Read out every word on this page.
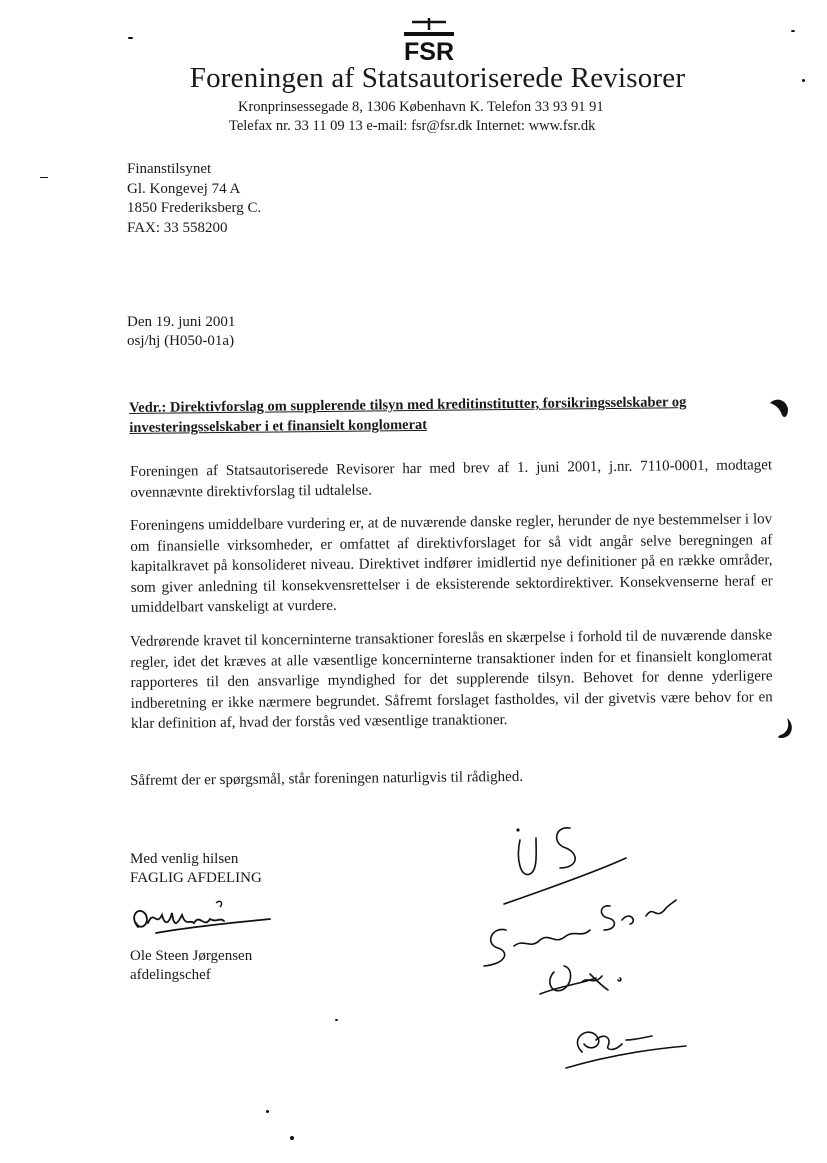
FSR
Foreningen af Statsautoriserede Revisorer
Kronprinsessegade 8, 1306 København K. Telefon 33 93 91 91
Telefax nr. 33 11 09 13 e-mail: fsr@fsr.dk Internet: www.fsr.dk
Finanstilsynet
Gl. Kongevej 74 A
1850 Frederiksberg C.
FAX: 33 558200
Den 19. juni 2001
osj/hj (H050-01a)
Vedr.: Direktivforslag om supplerende tilsyn med kreditinstitutter, forsikringsselskaber og investeringsselskaber i et finansielt konglomerat
Foreningen af Statsautoriserede Revisorer har med brev af 1. juni 2001, j.nr. 7110-0001, modtaget ovennævnte direktivforslag til udtalelse.
Foreningens umiddelbare vurdering er, at de nuværende danske regler, herunder de nye bestemmelser i lov om finansielle virksomheder, er omfattet af direktivforslaget for så vidt angår selve beregningen af kapitalkravet på konsolideret niveau. Direktivet indfører imidlertid nye definitioner på en række områder, som giver anledning til konsekvensrettelser i de eksisterende sektordirektiver. Konsekvenserne heraf er umiddelbart vanskeligt at vurdere.
Vedrørende kravet til koncerninterne transaktioner foreslås en skærpelse i forhold til de nuværende danske regler, idet det kræves at alle væsentlige koncerninterne transaktioner inden for et finansielt konglomerat rapporteres til den ansvarlige myndighed for det supplerende tilsyn. Behovet for denne yderligere indberetning er ikke nærmere begrundet. Såfremt forslaget fastholdes, vil der givetvis være behov for en klar definition af, hvad der forstås ved væsentlige tranaktioner.
Såfremt der er spørgsmål, står foreningen naturligvis til rådighed.
Med venlig hilsen
FAGLIG AFDELING
Ole Steen Jørgensen
afdelingschef
